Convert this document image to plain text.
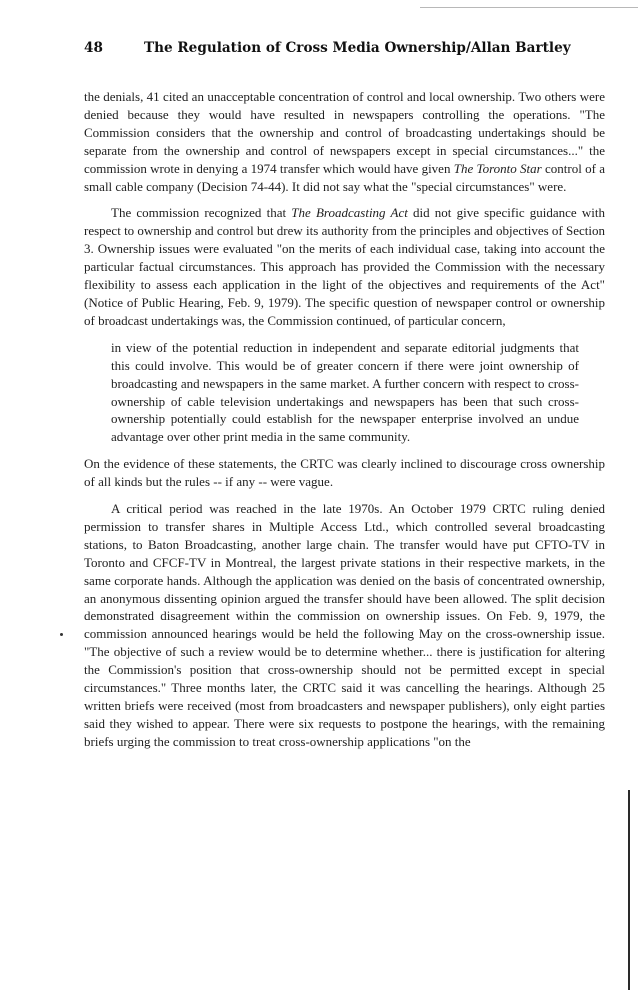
48	The Regulation of Cross Media Ownership/Allan Bartley

the denials, 41 cited an unacceptable concentration of control and local ownership. Two others were denied because they would have resulted in newspapers controlling the operations. "The Commission considers that the ownership and control of broadcasting undertakings should be separate from the ownership and control of newspapers except in special circumstances..." the commission wrote in denying a 1974 transfer which would have given The Toronto Star control of a small cable company (Decision 74-44). It did not say what the "special circumstances" were.

The commission recognized that The Broadcasting Act did not give specific guidance with respect to ownership and control but drew its authority from the principles and objectives of Section 3. Ownership issues were evaluated "on the merits of each individual case, taking into account the particular factual circumstances. This approach has provided the Commission with the necessary flexibility to assess each application in the light of the objectives and requirements of the Act" (Notice of Public Hearing, Feb. 9, 1979). The specific question of newspaper control or ownership of broadcast undertakings was, the Commission continued, of particular concern,

in view of the potential reduction in independent and separate editorial judgments that this could involve. This would be of greater concern if there were joint ownership of broadcasting and newspapers in the same market. A further concern with respect to cross-ownership of cable television undertakings and newspapers has been that such cross-ownership potentially could establish for the newspaper enterprise involved an undue advantage over other print media in the same community.

On the evidence of these statements, the CRTC was clearly inclined to discourage cross ownership of all kinds but the rules -- if any -- were vague.

A critical period was reached in the late 1970s. An October 1979 CRTC ruling denied permission to transfer shares in Multiple Access Ltd., which controlled several broadcasting stations, to Baton Broadcasting, another large chain. The transfer would have put CFTO-TV in Toronto and CFCF-TV in Montreal, the largest private stations in their respective markets, in the same corporate hands. Although the application was denied on the basis of concentrated ownership, an anonymous dissenting opinion argued the transfer should have been allowed. The split decision demonstrated disagreement within the commission on ownership issues. On Feb. 9, 1979, the commission announced hearings would be held the following May on the cross-ownership issue. "The objective of such a review would be to determine whether... there is justification for altering the Commission's position that cross-ownership should not be permitted except in special circumstances." Three months later, the CRTC said it was cancelling the hearings. Although 25 written briefs were received (most from broadcasters and newspaper publishers), only eight parties said they wished to appear. There were six requests to postpone the hearings, with the remaining briefs urging the commission to treat cross-ownership applications "on the
